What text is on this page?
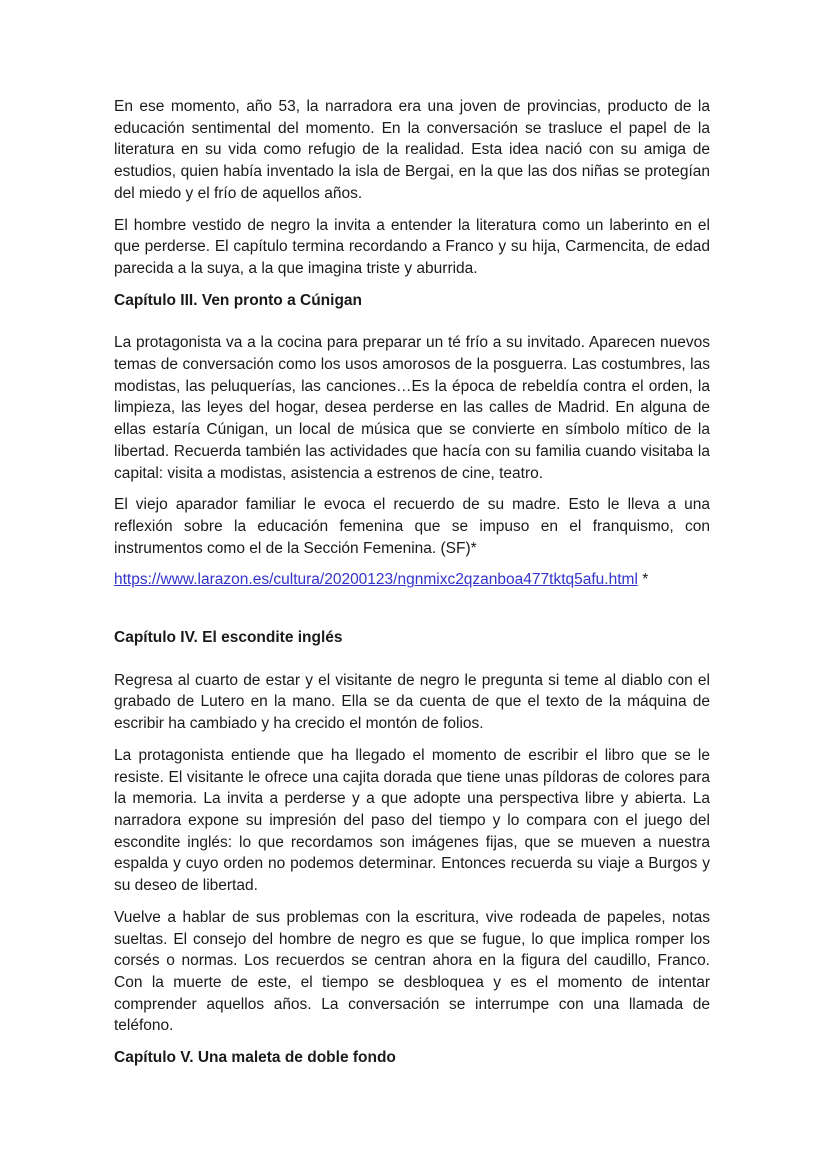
En ese momento, año 53, la narradora era una joven de provincias, producto de la educación sentimental del momento. En la conversación se trasluce el papel de la literatura en su vida como refugio de la realidad. Esta idea nació con su amiga de estudios, quien había inventado la isla de Bergai, en la que las dos niñas se protegían del miedo y el frío de aquellos años.

El hombre vestido de negro la invita a entender la literatura como un laberinto en el que perderse. El capítulo termina recordando a Franco y su hija, Carmencita, de edad parecida a la suya, a la que imagina triste y aburrida.

Capítulo III. Ven pronto a Cúnigan

La protagonista va a la cocina para preparar un té frío a su invitado. Aparecen nuevos temas de conversación como los usos amorosos de la posguerra. Las costumbres, las modistas, las peluquerías, las canciones…Es la época de rebeldía contra el orden, la limpieza, las leyes del hogar, desea perderse en las calles de Madrid. En alguna de ellas estaría Cúnigan, un local de música que se convierte en símbolo mítico de la libertad. Recuerda también las actividades que hacía con su familia cuando visitaba la capital: visita a modistas, asistencia a estrenos de cine, teatro.

El viejo aparador familiar le evoca el recuerdo de su madre. Esto le lleva a una reflexión sobre la educación femenina que se impuso en el franquismo, con instrumentos como el de la Sección Femenina. (SF)*

https://www.larazon.es/cultura/20200123/ngnmixc2qzanboa477tktq5afu.html *

Capítulo IV. El escondite inglés

Regresa al cuarto de estar y el visitante de negro le pregunta si teme al diablo con el grabado de Lutero en la mano. Ella se da cuenta de que el texto de la máquina de escribir ha cambiado y ha crecido el montón de folios.

La protagonista entiende que ha llegado el momento de escribir el libro que se le resiste. El visitante le ofrece una cajita dorada que tiene unas píldoras de colores para la memoria. La invita a perderse y a que adopte una perspectiva libre y abierta. La narradora expone su impresión del paso del tiempo y lo compara con el juego del escondite inglés: lo que recordamos son imágenes fijas, que se mueven a nuestra espalda y cuyo orden no podemos determinar. Entonces recuerda su viaje a Burgos y su deseo de libertad.

Vuelve a hablar de sus problemas con la escritura, vive rodeada de papeles, notas sueltas. El consejo del hombre de negro es que se fugue, lo que implica romper los corsés o normas. Los recuerdos se centran ahora en la figura del caudillo, Franco. Con la muerte de este, el tiempo se desbloquea y es el momento de intentar comprender aquellos años. La conversación se interrumpe con una llamada de teléfono.

Capítulo V. Una maleta de doble fondo
